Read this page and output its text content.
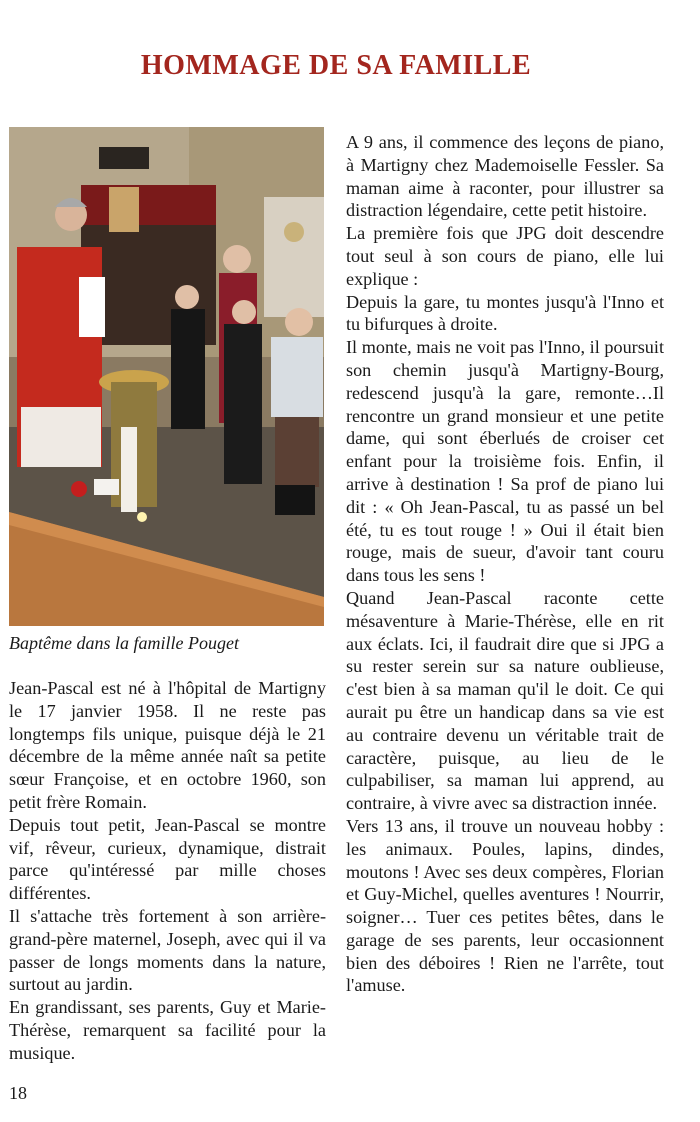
HOMMAGE DE SA FAMILLE
Baptême dans la famille Pouget

Jean-Pascal est né à l'hôpital de Martigny le 17 janvier 1958. Il ne reste pas longtemps fils unique, puisque déjà le 21 décembre de la même année naît sa petite sœur Françoise, et en octobre 1960, son petit frère Romain.

Depuis tout petit, Jean-Pascal se montre vif, rêveur, curieux, dynamique, distrait parce qu'intéressé par mille choses différentes.

Il s'attache très fortement à son arrière-grand-père maternel, Joseph, avec qui il va passer de longs moments dans la nature, surtout au jardin.

En grandissant, ses parents, Guy et Marie-Thérèse, remarquent sa facilité pour la musique.

A 9 ans, il commence des leçons de piano, à Martigny chez Mademoiselle Fessler. Sa maman aime à raconter, pour illustrer sa distraction légendaire, cette petit histoire.

La première fois que JPG doit descendre tout seul à son cours de piano, elle lui explique :

Depuis la gare, tu montes jusqu'à l'Inno et tu bifurques à droite.

Il monte, mais ne voit pas l'Inno, il poursuit son chemin jusqu'à Martigny-Bourg, redescend jusqu'à la gare, remonte…Il rencontre un grand monsieur et une petite dame, qui sont éberlués de croiser cet enfant pour la troisième fois. Enfin, il arrive à destination ! Sa prof de piano lui dit : « Oh Jean-Pascal, tu as passé un bel été, tu es tout rouge ! » Oui il était bien rouge, mais de sueur, d'avoir tant couru dans tous les sens !

Quand Jean-Pascal raconte cette mésaventure à Marie-Thérèse, elle en rit aux éclats. Ici, il faudrait dire que si JPG a su rester serein sur sa nature oublieuse, c'est bien à sa maman qu'il le doit. Ce qui aurait pu être un handicap dans sa vie est au contraire devenu un véritable trait de caractère, puisque, au lieu de le culpabiliser, sa maman lui apprend, au contraire, à vivre avec sa distraction innée.

Vers 13 ans, il trouve un nouveau hobby : les animaux. Poules, lapins, dindes, moutons ! Avec ses deux compères, Florian et Guy-Michel, quelles aventures ! Nourrir, soigner… Tuer ces petites bêtes, dans le garage de ses parents, leur occasionnent bien des déboires ! Rien ne l'arrête, tout l'amuse.

18
